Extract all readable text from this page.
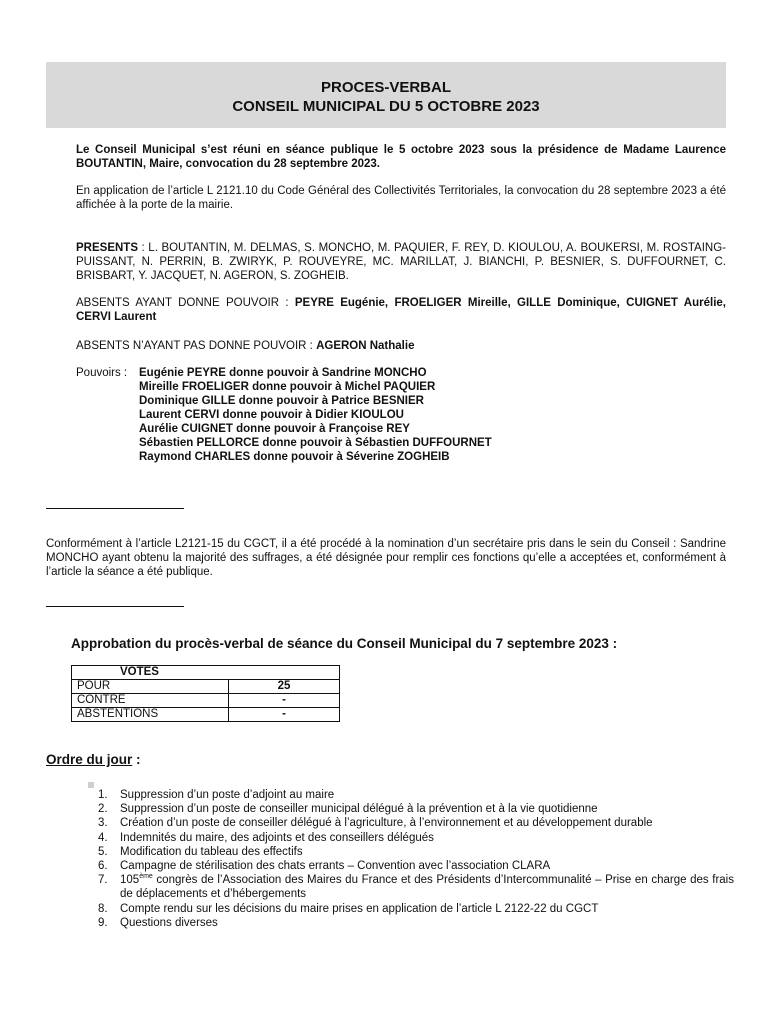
PROCES-VERBAL
CONSEIL MUNICIPAL DU 5 OCTOBRE 2023
Le Conseil Municipal s’est réuni en séance publique le 5 octobre 2023 sous la présidence de Madame Laurence BOUTANTIN, Maire, convocation du 28 septembre 2023.
En application de l’article L 2121.10 du Code Général des Collectivités Territoriales, la convocation du 28 septembre 2023 a été affichée à la porte de la mairie.
PRESENTS : L. BOUTANTIN, M. DELMAS, S. MONCHO, M. PAQUIER, F. REY, D. KIOULOU, A. BOUKERSI, M. ROSTAING-PUISSANT, N. PERRIN, B. ZWIRYK, P. ROUVEYRE, MC. MARILLAT, J. BIANCHI, P. BESNIER, S. DUFFOURNET, C. BRISBART, Y. JACQUET, N. AGERON, S. ZOGHEIB.
ABSENTS AYANT DONNE POUVOIR : PEYRE Eugénie, FROELIGER Mireille, GILLE Dominique, CUIGNET Aurélie, CERVI Laurent
ABSENTS N’AYANT PAS DONNE POUVOIR : AGERON Nathalie
Pouvoirs : Eugénie PEYRE donne pouvoir à Sandrine MONCHO
Mireille FROELIGER donne pouvoir à Michel PAQUIER
Dominique GILLE donne pouvoir à Patrice BESNIER
Laurent CERVI donne pouvoir à Didier KIOULOU
Aurélie CUIGNET donne pouvoir à Françoise REY
Sébastien PELLORCE donne pouvoir à Sébastien DUFFOURNET
Raymond CHARLES donne pouvoir à Séverine ZOGHEIB
Conformément à l’article L2121-15 du CGCT, il a été procédé à la nomination d’un secrétaire pris dans le sein du Conseil : Sandrine MONCHO ayant obtenu la majorité des suffrages, a été désignée pour remplir ces fonctions qu’elle a acceptées et, conformément à l’article la séance a été publique.
Approbation du procès-verbal de séance du Conseil Municipal du 7 septembre 2023 :
VOTES	
POUR	25
CONTRE	-
ABSTENTIONS	-
Ordre du jour :
1. Suppression d’un poste d’adjoint au maire
2. Suppression d’un poste de conseiller municipal délégué à la prévention et à la vie quotidienne
3. Création d’un poste de conseiller délégué à l’agriculture, à l’environnement et au développement durable
4. Indemnités du maire, des adjoints et des conseillers délégués
5. Modification du tableau des effectifs
6. Campagne de stérilisation des chats errants – Convention avec l’association CLARA
7. 105ème congrès de l’Association des Maires du France et des Présidents d’Intercommunalité – Prise en charge des frais de déplacements et d’hébergements
8. Compte rendu sur les décisions du maire prises en application de l’article L 2122-22 du CGCT
9. Questions diverses
